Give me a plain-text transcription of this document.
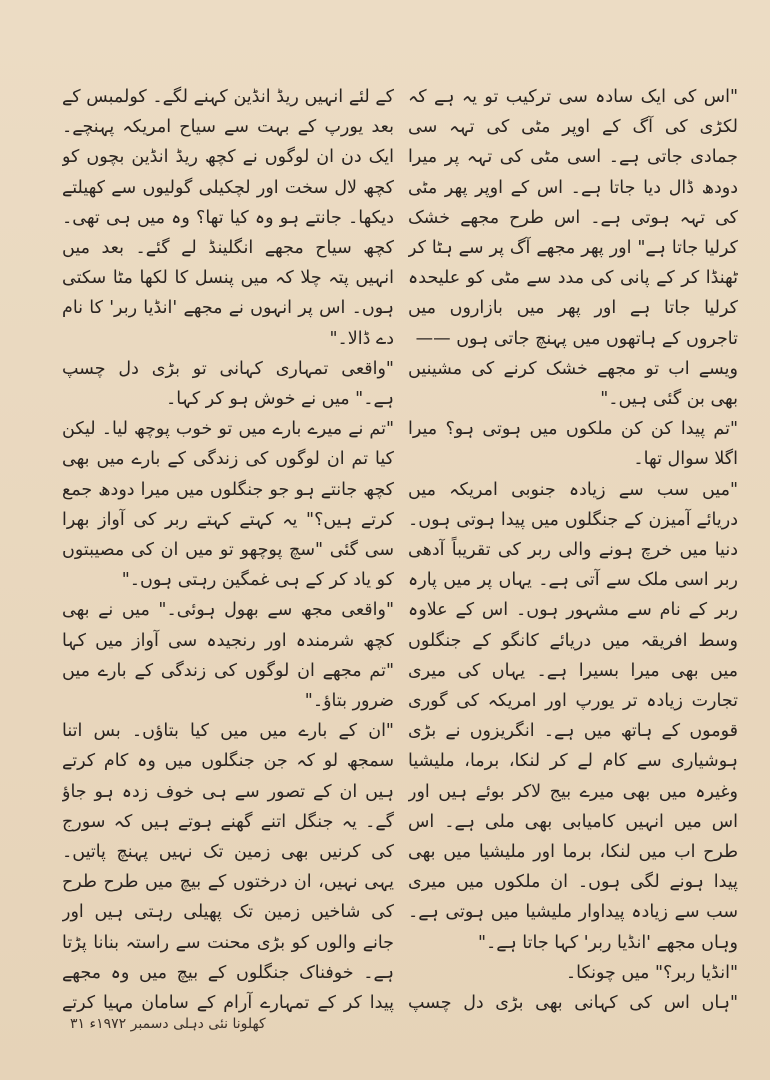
"اس کی ایک سادہ سی ترکیب تو یہ ہے کہ لکڑی کی آگ کے اوپر مٹی کی تہہ سی جمادی جاتی ہے۔ اسی مٹی کی تہہ پر میرا دودھ ڈال دیا جاتا ہے۔ اس کے اوپر پھر مٹی کی تہہ ہوتی ہے۔ اس طرح مجھے خشک کرلیا جاتا ہے" اور پھر مجھے آگ پر سے ہٹا کر ٹھنڈا کر کے پانی کی مدد سے مٹی کو علیحدہ کرلیا جاتا ہے اور پھر میں بازاروں میں تاجروں کے ہاتھوں میں پہنچ جاتی ہوں ——

ویسے اب تو مجھے خشک کرنے کی مشینیں بھی بن گئی ہیں۔"

"تم پیدا کن کن ملکوں میں ہوتی ہو؟ میرا اگلا سوال تھا۔

"میں سب سے زیادہ جنوبی امریکہ میں دریائے آمیزن کے جنگلوں میں پیدا ہوتی ہوں۔ دنیا میں خرچ ہونے والی ربر کی تقریباً آدھی ربر اسی ملک سے آتی ہے۔ یہاں پر میں پارہ ربر کے نام سے مشہور ہوں۔ اس کے علاوہ وسط افریقہ میں دریائے کانگو کے جنگلوں میں بھی میرا بسیرا ہے۔ یہاں کی میری تجارت زیادہ تر یورپ اور امریکہ کی گوری قوموں کے ہاتھ میں ہے۔ انگریزوں نے بڑی ہوشیاری سے کام لے کر لنکا، برما، ملیشیا وغیرہ میں بھی میرے بیج لاکر بوئے ہیں اور اس میں انہیں کامیابی بھی ملی ہے۔ اس طرح اب میں لنکا، برما اور ملیشیا میں بھی پیدا ہونے لگی ہوں۔ ان ملکوں میں میری سب سے زیادہ پیداوار ملیشیا میں ہوتی ہے۔ وہاں مجھے 'انڈیا ربر' کہا جاتا ہے۔"

"انڈیا ربر؟" میں چونکا۔

"ہاں اس کی کہانی بھی بڑی دل چسپ

کے لئے انہیں ریڈ انڈین کہنے لگے۔ کولمبس کے بعد یورپ کے بہت سے سیاح امریکہ پہنچے۔ ایک دن ان لوگوں نے کچھ ریڈ انڈین بچوں کو کچھ لال سخت اور لچکیلی گولیوں سے کھیلتے دیکھا۔ جانتے ہو وہ کیا تھا؟ وہ میں ہی تھی۔ کچھ سیاح مجھے انگلینڈ لے گئے۔ بعد میں انہیں پتہ چلا کہ میں پنسل کا لکھا مٹا سکتی ہوں۔ اس پر انہوں نے مجھے 'انڈیا ربر' کا نام دے ڈالا۔"

"واقعی تمہاری کہانی تو بڑی دل چسپ ہے۔" میں نے خوش ہو کر کہا۔

"تم نے میرے بارے میں تو خوب پوچھ لیا۔ لیکن کیا تم ان لوگوں کی زندگی کے بارے میں بھی کچھ جانتے ہو جو جنگلوں میں میرا دودھ جمع کرتے ہیں؟" یہ کہتے کہتے ربر کی آواز بھرا سی گئی "سچ پوچھو تو میں ان کی مصیبتوں کو یاد کر کے ہی غمگین رہتی ہوں۔"

"واقعی مجھ سے بھول ہوئی۔" میں نے بھی کچھ شرمندہ اور رنجیدہ سی آواز میں کہا "تم مجھے ان لوگوں کی زندگی کے بارے میں ضرور بتاؤ۔"

"ان کے بارے میں میں کیا بتاؤں۔ بس اتنا سمجھ لو کہ جن جنگلوں میں وہ کام کرتے ہیں ان کے تصور سے ہی خوف زدہ ہو جاؤ گے۔ یہ جنگل اتنے گھنے ہوتے ہیں کہ سورج کی کرنیں بھی زمین تک نہیں پہنچ پاتیں۔ یہی نہیں، ان درختوں کے بیچ میں طرح طرح کی شاخیں زمین تک پھیلی رہتی ہیں اور جانے والوں کو بڑی محنت سے راستہ بنانا پڑتا ہے۔ خوفناک جنگلوں کے بیچ میں وہ مجھے پیدا کر کے تمہارے آرام کے سامان مہیا کرتے

۳۱ کھلونا نئی دہلی دسمبر ۱۹۷۲ء
